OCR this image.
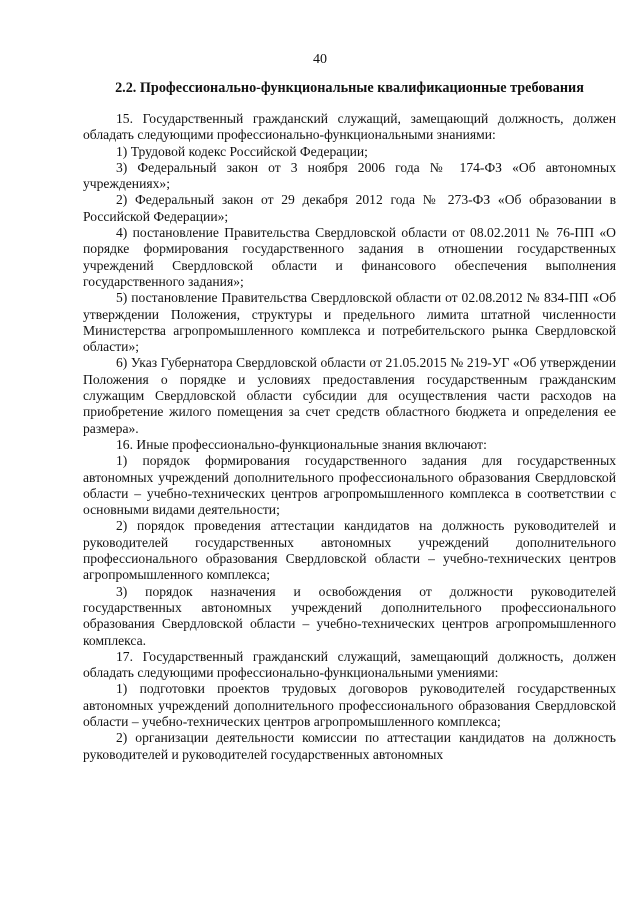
40
2.2. Профессионально-функциональные квалификационные требования

15. Государственный гражданский служащий, замещающий должность, должен обладать следующими профессионально-функциональными знаниями:

1) Трудовой кодекс Российской Федерации;

3) Федеральный закон от 3 ноября 2006 года № 174-ФЗ «Об автономных учреждениях»;

2) Федеральный закон от 29 декабря 2012 года № 273-ФЗ «Об образовании в Российской Федерации»;

4) постановление Правительства Свердловской области от 08.02.2011 № 76-ПП «О порядке формирования государственного задания в отношении государственных учреждений Свердловской области и финансового обеспечения выполнения государственного задания»;

5) постановление Правительства Свердловской области от 02.08.2012 № 834-ПП «Об утверждении Положения, структуры и предельного лимита штатной численности Министерства агропромышленного комплекса и потребительского рынка Свердловской области»;

6) Указ Губернатора Свердловской области от 21.05.2015 № 219-УГ «Об утверждении Положения о порядке и условиях предоставления государственным гражданским служащим Свердловской области субсидии для осуществления части расходов на приобретение жилого помещения за счет средств областного бюджета и определения ее размера».

16. Иные профессионально-функциональные знания включают:

1) порядок формирования государственного задания для государственных автономных учреждений дополнительного профессионального образования Свердловской области – учебно-технических центров агропромышленного комплекса в соответствии с основными видами деятельности;

2) порядок проведения аттестации кандидатов на должность руководителей и руководителей государственных автономных учреждений дополнительного профессионального образования Свердловской области – учебно-технических центров агропромышленного комплекса;

3) порядок назначения и освобождения от должности руководителей государственных автономных учреждений дополнительного профессионального образования Свердловской области – учебно-технических центров агропромышленного комплекса.

17. Государственный гражданский служащий, замещающий должность, должен обладать следующими профессионально-функциональными умениями:

1) подготовки проектов трудовых договоров руководителей государственных автономных учреждений дополнительного профессионального образования Свердловской области – учебно-технических центров агропромышленного комплекса;

2) организации деятельности комиссии по аттестации кандидатов на должность руководителей и руководителей государственных автономных
